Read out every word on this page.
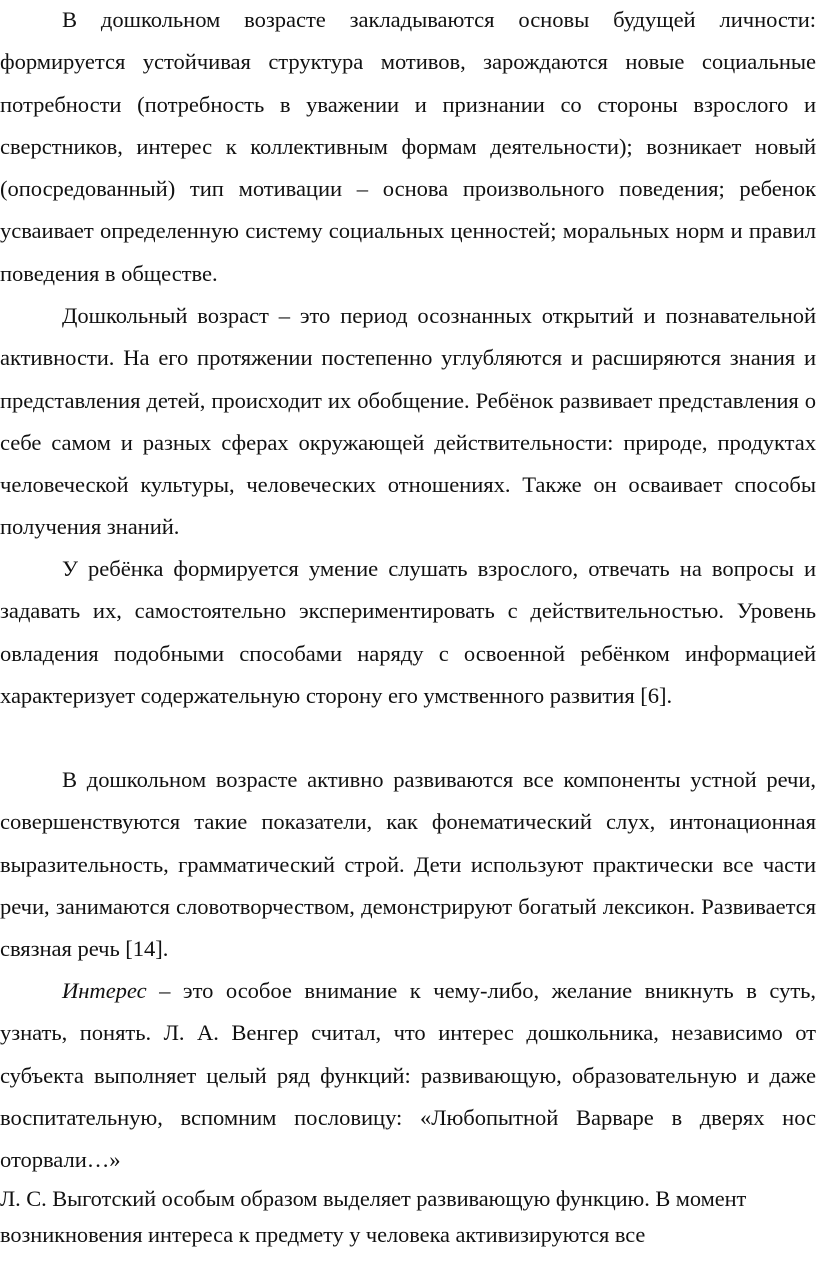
В дошкольном возрасте закладываются основы будущей личности: формируется устойчивая структура мотивов, зарождаются новые социальные потребности (потребность в уважении и признании со стороны взрослого и сверстников, интерес к коллективным формам деятельности); возникает новый (опосредованный) тип мотивации – основа произвольного поведения; ребенок усваивает определенную систему социальных ценностей; моральных норм и правил поведения в обществе.

Дошкольный возраст – это период осознанных открытий и познавательной активности. На его протяжении постепенно углубляются и расширяются знания и представления детей, происходит их обобщение. Ребёнок развивает представления о себе самом и разных сферах окружающей действительности: природе, продуктах человеческой культуры, человеческих отношениях. Также он осваивает способы получения знаний.

У ребёнка формируется умение слушать взрослого, отвечать на вопросы и задавать их, самостоятельно экспериментировать с действительностью. Уровень овладения подобными способами наряду с освоенной ребёнком информацией характеризует содержательную сторону его умственного развития [6].

В дошкольном возрасте активно развиваются все компоненты устной речи, совершенствуются такие показатели, как фонематический слух, интонационная выразительность, грамматический строй. Дети используют практически все части речи, занимаются словотворчеством, демонстрируют богатый лексикон. Развивается связная речь [14].

Интерес – это особое внимание к чему-либо, желание вникнуть в суть, узнать, понять. Л. А. Венгер считал, что интерес дошкольника, независимо от субъекта выполняет целый ряд функций: развивающую, образовательную и даже воспитательную, вспомним пословицу: «Любопытной Варваре в дверях нос оторвали…»

Л. С. Выготский особым образом выделяет развивающую функцию. В момент возникновения интереса к предмету у человека активизируются все
